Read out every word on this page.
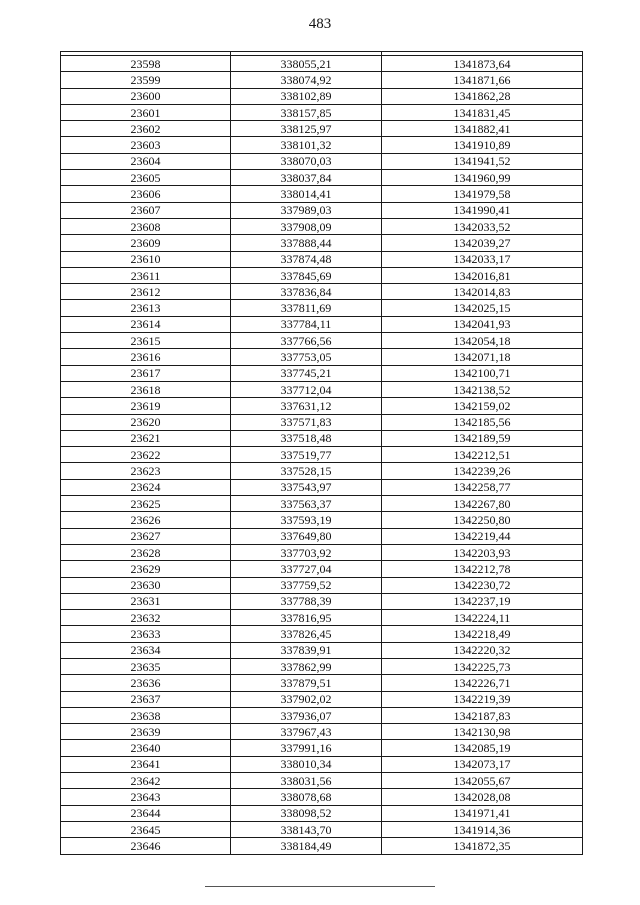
483

23598	338055,21	1341873,64
23599	338074,92	1341871,66
23600	338102,89	1341862,28
23601	338157,85	1341831,45
23602	338125,97	1341882,41
23603	338101,32	1341910,89
23604	338070,03	1341941,52
23605	338037,84	1341960,99
23606	338014,41	1341979,58
23607	337989,03	1341990,41
23608	337908,09	1342033,52
23609	337888,44	1342039,27
23610	337874,48	1342033,17
23611	337845,69	1342016,81
23612	337836,84	1342014,83
23613	337811,69	1342025,15
23614	337784,11	1342041,93
23615	337766,56	1342054,18
23616	337753,05	1342071,18
23617	337745,21	1342100,71
23618	337712,04	1342138,52
23619	337631,12	1342159,02
23620	337571,83	1342185,56
23621	337518,48	1342189,59
23622	337519,77	1342212,51
23623	337528,15	1342239,26
23624	337543,97	1342258,77
23625	337563,37	1342267,80
23626	337593,19	1342250,80
23627	337649,80	1342219,44
23628	337703,92	1342203,93
23629	337727,04	1342212,78
23630	337759,52	1342230,72
23631	337788,39	1342237,19
23632	337816,95	1342224,11
23633	337826,45	1342218,49
23634	337839,91	1342220,32
23635	337862,99	1342225,73
23636	337879,51	1342226,71
23637	337902,02	1342219,39
23638	337936,07	1342187,83
23639	337967,43	1342130,98
23640	337991,16	1342085,19
23641	338010,34	1342073,17
23642	338031,56	1342055,67
23643	338078,68	1342028,08
23644	338098,52	1341971,41
23645	338143,70	1341914,36
23646	338184,49	1341872,35
